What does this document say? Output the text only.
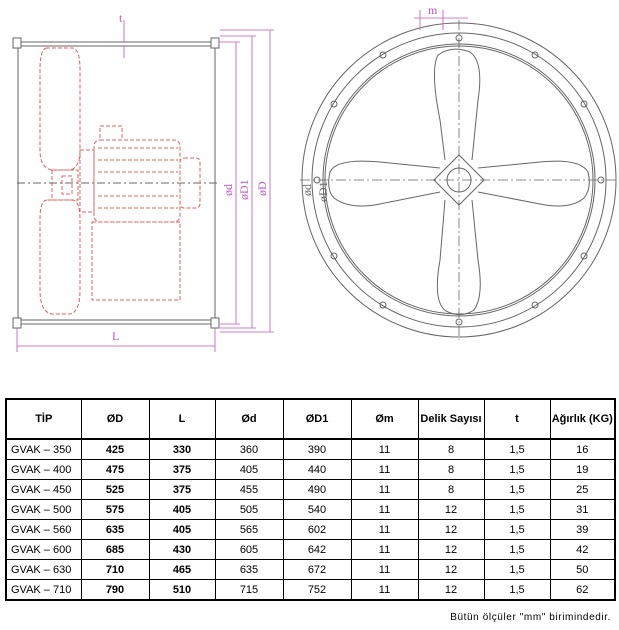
t
L
ød øD1 øD
m
ød øD1
TİP	ØD	L	Ød	ØD1	Øm	Delik Sayısı	t	Ağırlık (KG)
GVAK – 350	425	330	360	390	11	8	1,5	16
GVAK – 400	475	375	405	440	11	8	1,5	19
GVAK – 450	525	375	455	490	11	8	1,5	25
GVAK – 500	575	405	505	540	11	12	1,5	31
GVAK – 560	635	405	565	602	11	12	1,5	39
GVAK – 600	685	430	605	642	11	12	1,5	42
GVAK – 630	710	465	635	672	11	12	1,5	50
GVAK – 710	790	510	715	752	11	12	1,5	62
Bütün ölçüler "mm" birimindedir.
